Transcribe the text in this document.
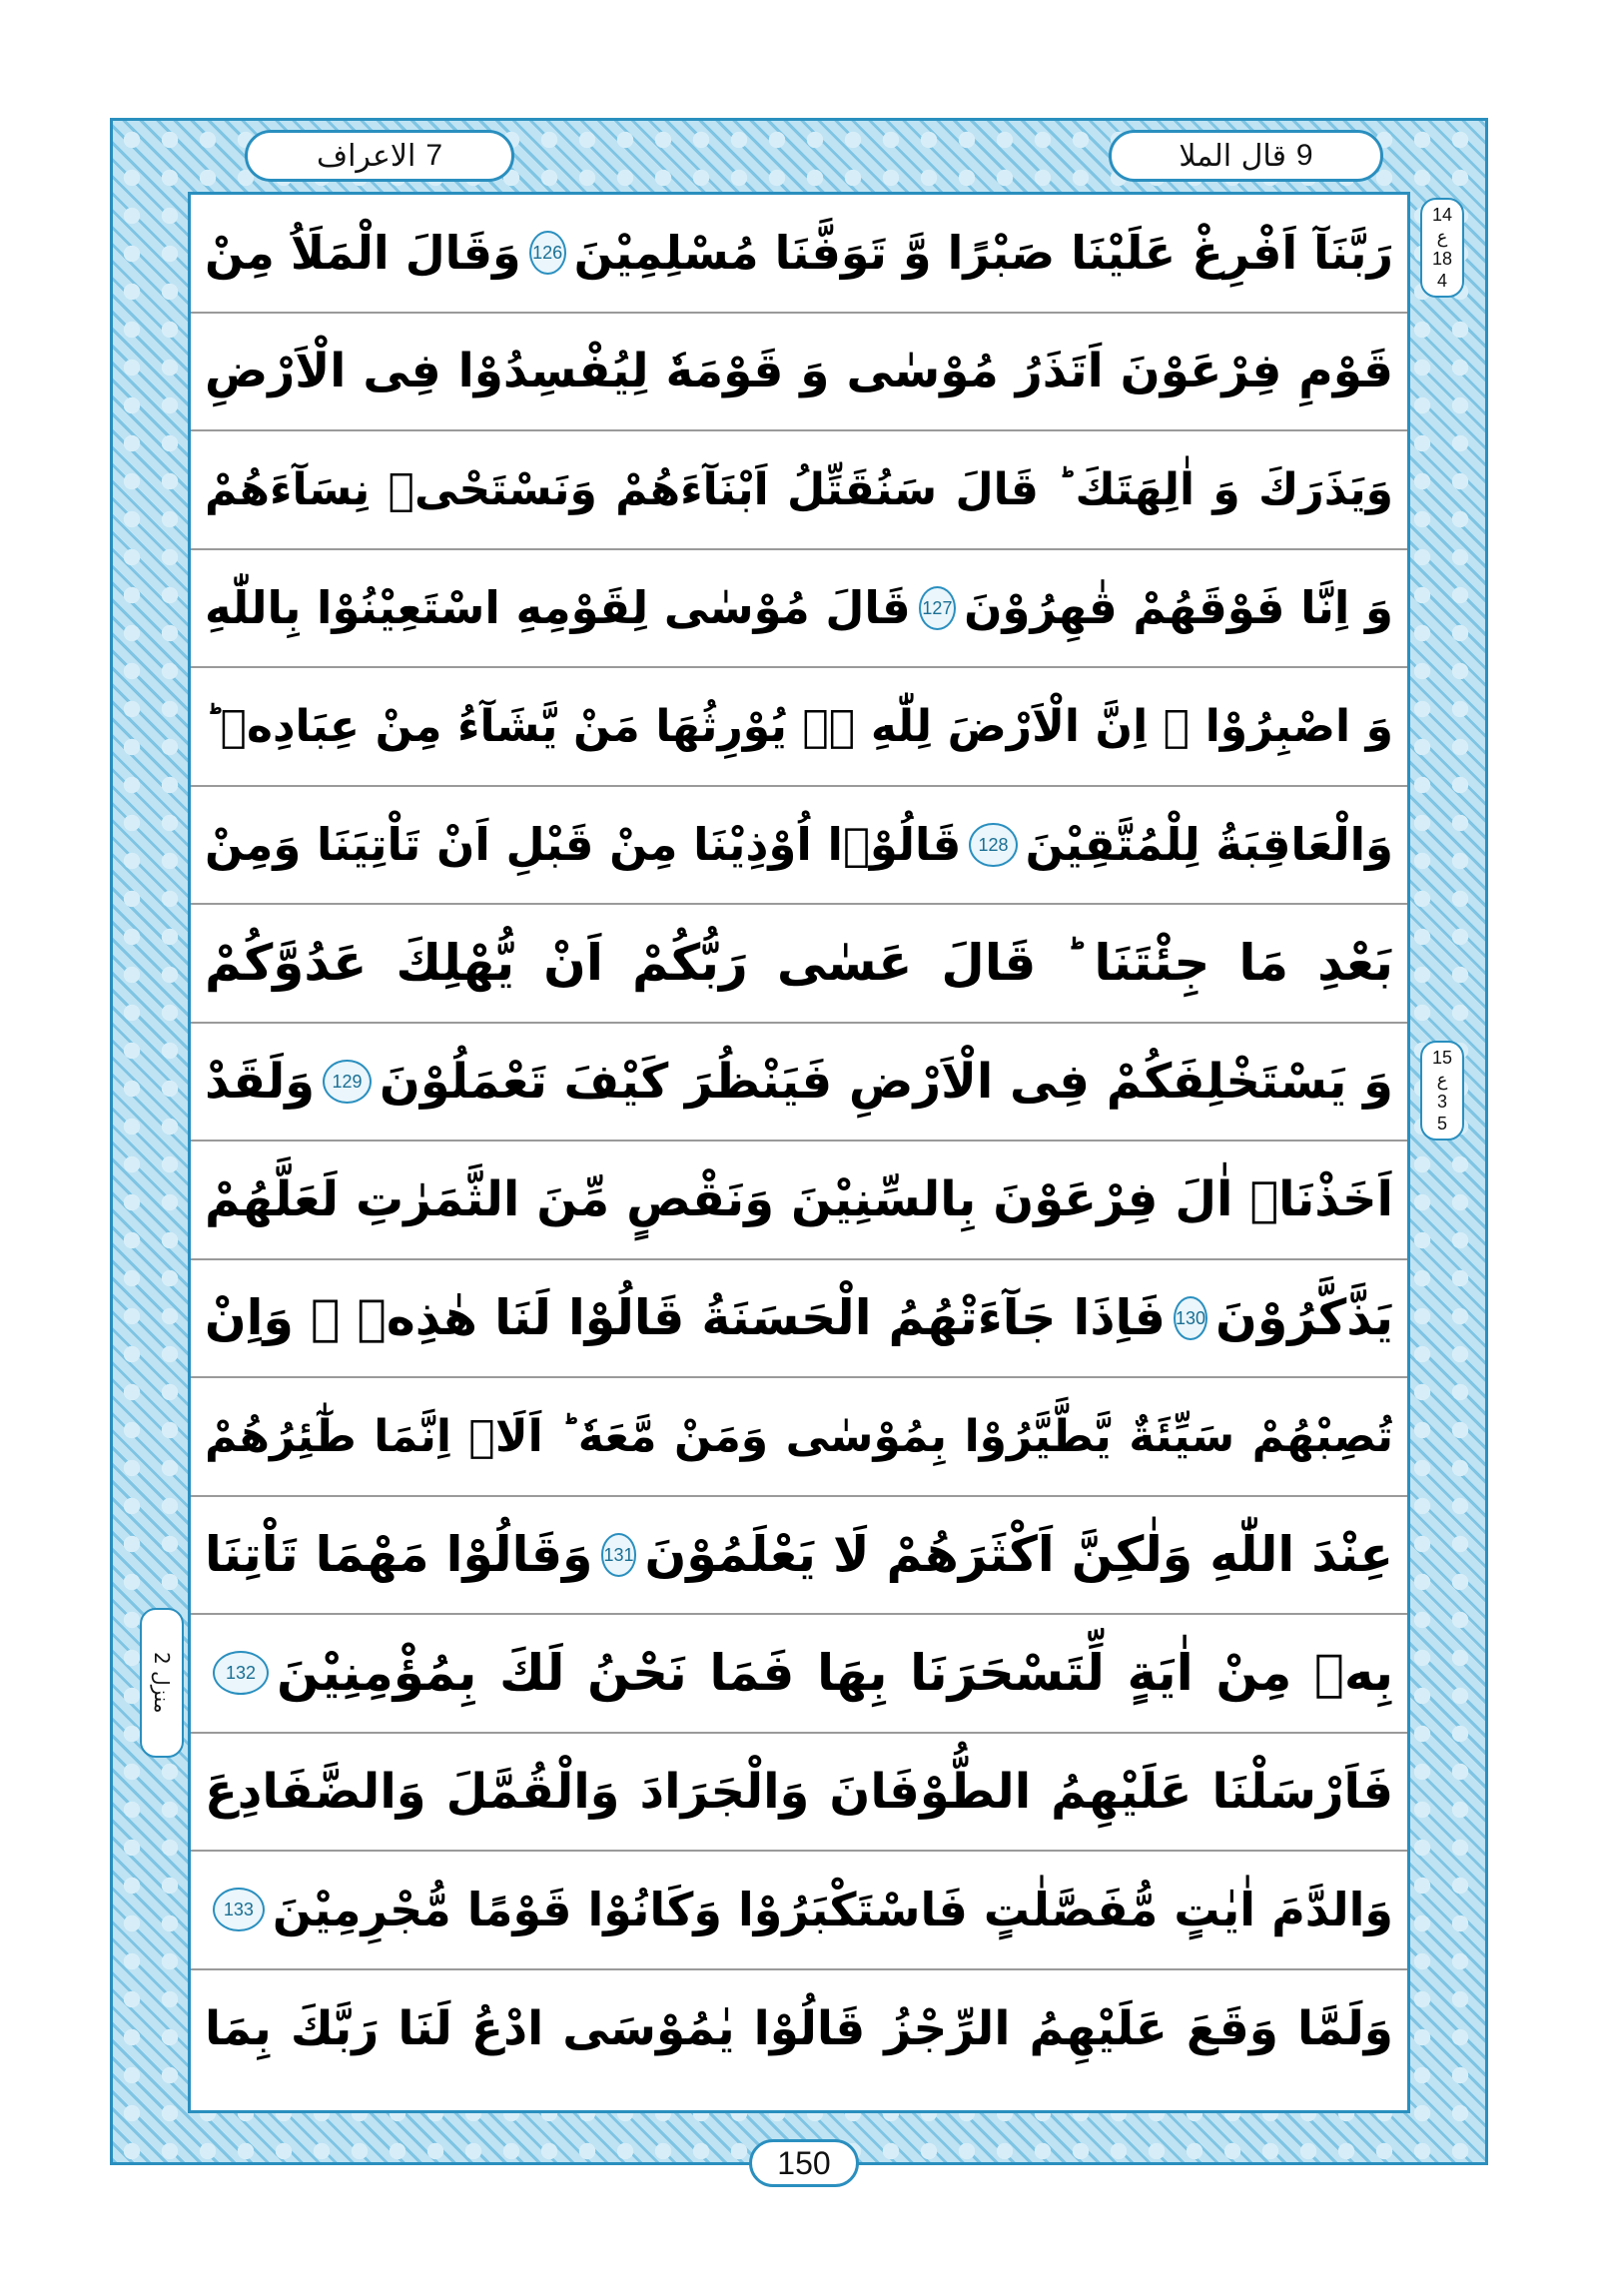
قال الملا 9
الاعراف 7
14
ع
18
4
15
ع
3
5
منزل 2
رَبَّنَآ اَفْرِغْ عَلَيْنَا صَبْرًا وَّ تَوَفَّنَا مُسْلِمِيْنَ
126
وَقَالَ الْمَلَاُ مِنْ
قَوْمِ فِرْعَوْنَ اَتَذَرُ مُوْسٰى وَ قَوْمَهٗ لِيُفْسِدُوْا فِى الْاَرْضِ
وَيَذَرَكَ وَ اٰلِهَتَكَ ؕ قَالَ سَنُقَتِّلُ اَبْنَآءَهُمْ وَنَسْتَحْىٖ نِسَآءَهُمْ
وَ اِنَّا فَوْقَهُمْ قٰهِرُوْنَ
127
قَالَ مُوْسٰى لِقَوْمِهِ اسْتَعِيْنُوْا بِاللّٰهِ
وَ اصْبِرُوْا ۚ اِنَّ الْاَرْضَ لِلّٰهِ ۙ۬ يُوْرِثُهَا مَنْ يَّشَآءُ مِنْ عِبَادِهٖ ؕ
وَالْعَاقِبَةُ لِلْمُتَّقِيْنَ
128
قَالُوْۤا اُوْذِيْنَا مِنْ قَبْلِ اَنْ تَاْتِيَنَا وَمِنْ
بَعْدِ مَا جِئْتَنَا ؕ قَالَ عَسٰى رَبُّكُمْ اَنْ يُّهْلِكَ عَدُوَّكُمْ
وَ يَسْتَخْلِفَكُمْ فِى الْاَرْضِ فَيَنْظُرَ كَيْفَ تَعْمَلُوْنَ
129
وَلَقَدْ
اَخَذْنَاۤ اٰلَ فِرْعَوْنَ بِالسِّنِيْنَ وَنَقْصٍ مِّنَ الثَّمَرٰتِ لَعَلَّهُمْ
يَذَّكَّرُوْنَ
130
فَاِذَا جَآءَتْهُمُ الْحَسَنَةُ قَالُوْا لَنَا هٰذِهٖ ۚ وَاِنْ
تُصِبْهُمْ سَيِّئَةٌ يَّطَّيَّرُوْا بِمُوْسٰى وَمَنْ مَّعَهٗ ؕ اَلَاۤ اِنَّمَا طٰٓئِرُهُمْ
عِنْدَ اللّٰهِ وَلٰكِنَّ اَكْثَرَهُمْ لَا يَعْلَمُوْنَ
131
وَقَالُوْا مَهْمَا تَاْتِنَا
بِهٖ مِنْ اٰيَةٍ لِّتَسْحَرَنَا بِهَا فَمَا نَحْنُ لَكَ بِمُؤْمِنِيْنَ
132
فَاَرْسَلْنَا عَلَيْهِمُ الطُّوْفَانَ وَالْجَرَادَ وَالْقُمَّلَ وَالضَّفَادِعَ
وَالدَّمَ اٰيٰتٍ مُّفَصَّلٰتٍ فَاسْتَكْبَرُوْا وَكَانُوْا قَوْمًا مُّجْرِمِيْنَ
133
وَلَمَّا وَقَعَ عَلَيْهِمُ الرِّجْزُ قَالُوْا يٰمُوْسَى ادْعُ لَنَا رَبَّكَ بِمَا
150
